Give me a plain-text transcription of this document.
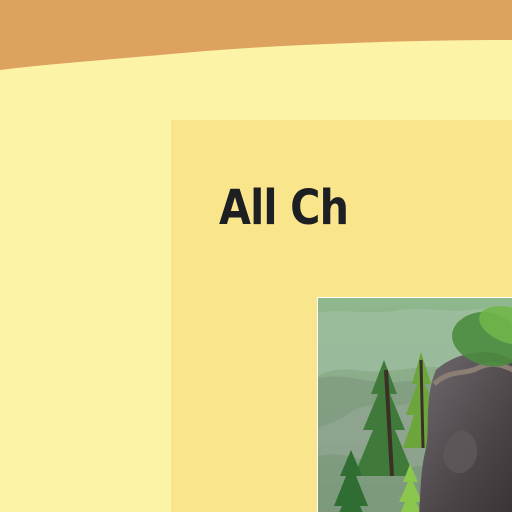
All Ch
